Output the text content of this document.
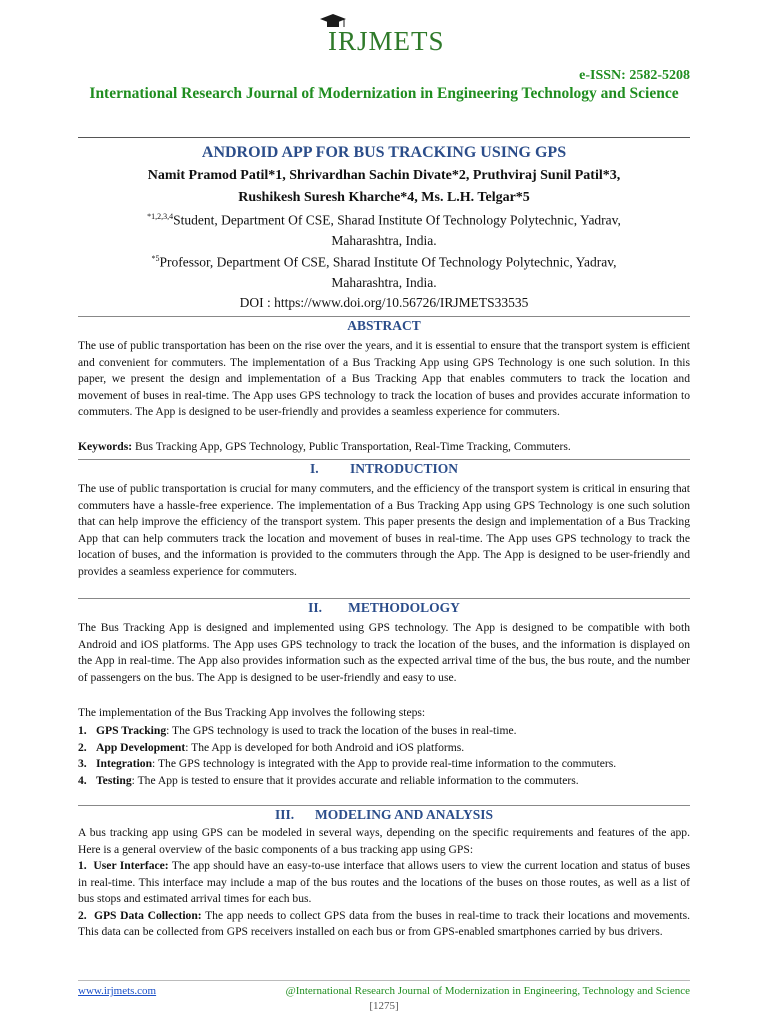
IRJMETS
e-ISSN: 2582-5208
International Research Journal of Modernization in Engineering Technology and Science
ANDROID APP FOR BUS TRACKING USING GPS
Namit Pramod Patil*1, Shrivardhan Sachin Divate*2, Pruthviraj Sunil Patil*3,
Rushikesh Suresh Kharche*4, Ms. L.H. Telgar*5
$^{*1,2,3,4}$Student, Department Of CSE, Sharad Institute Of Technology Polytechnic, Yadrav,
Maharashtra, India.
$^{*5}$Professor, Department Of CSE, Sharad Institute Of Technology Polytechnic, Yadrav,
Maharashtra, India.
DOI : https://www.doi.org/10.56726/IRJMETS33535
ABSTRACT

The use of public transportation has been on the rise over the years, and it is essential to ensure that the transport system is efficient and convenient for commuters. The implementation of a Bus Tracking App using GPS Technology is one such solution. In this paper, we present the design and implementation of a Bus Tracking App that enables commuters to track the location and movement of buses in real-time. The App uses GPS technology to track the location of buses and provides accurate information to commuters. The App is designed to be user-friendly and provides a seamless experience for commuters.

Keywords: Bus Tracking App, GPS Technology, Public Transportation, Real-Time Tracking, Commuters.
I. INTRODUCTION

The use of public transportation is crucial for many commuters, and the efficiency of the transport system is critical in ensuring that commuters have a hassle-free experience. The implementation of a Bus Tracking App using GPS Technology is one such solution that can help improve the efficiency of the transport system. This paper presents the design and implementation of a Bus Tracking App that can help commuters track the location and movement of buses in real-time. The App uses GPS technology to track the location of buses, and the information is provided to the commuters through the App. The App is designed to be user-friendly and provides a seamless experience for commuters.

II. METHODOLOGY

The Bus Tracking App is designed and implemented using GPS technology. The App is designed to be compatible with both Android and iOS platforms. The App uses GPS technology to track the location of the buses, and the information is displayed on the App in real-time. The App also provides information such as the expected arrival time of the bus, the bus route, and the number of passengers on the bus. The App is designed to be user-friendly and easy to use.

The implementation of the Bus Tracking App involves the following steps:

1. GPS Tracking: The GPS technology is used to track the location of the buses in real-time.
2. App Development: The App is developed for both Android and iOS platforms.
3. Integration: The GPS technology is integrated with the App to provide real-time information to the commuters.
4. Testing: The App is tested to ensure that it provides accurate and reliable information to the commuters.
III. MODELING AND ANALYSIS

A bus tracking app using GPS can be modeled in several ways, depending on the specific requirements and features of the app. Here is a general overview of the basic components of a bus tracking app using GPS:

1. User Interface: The app should have an easy-to-use interface that allows users to view the current location and status of buses in real-time. This interface may include a map of the bus routes and the locations of the buses on those routes, as well as a list of bus stops and estimated arrival times for each bus.
2. GPS Data Collection: The app needs to collect GPS data from the buses in real-time to track their locations and movements. This data can be collected from GPS receivers installed on each bus or from GPS-enabled smartphones carried by bus drivers.
www.irjmets.com	@International Research Journal of Modernization in Engineering, Technology and Science
[1275]
